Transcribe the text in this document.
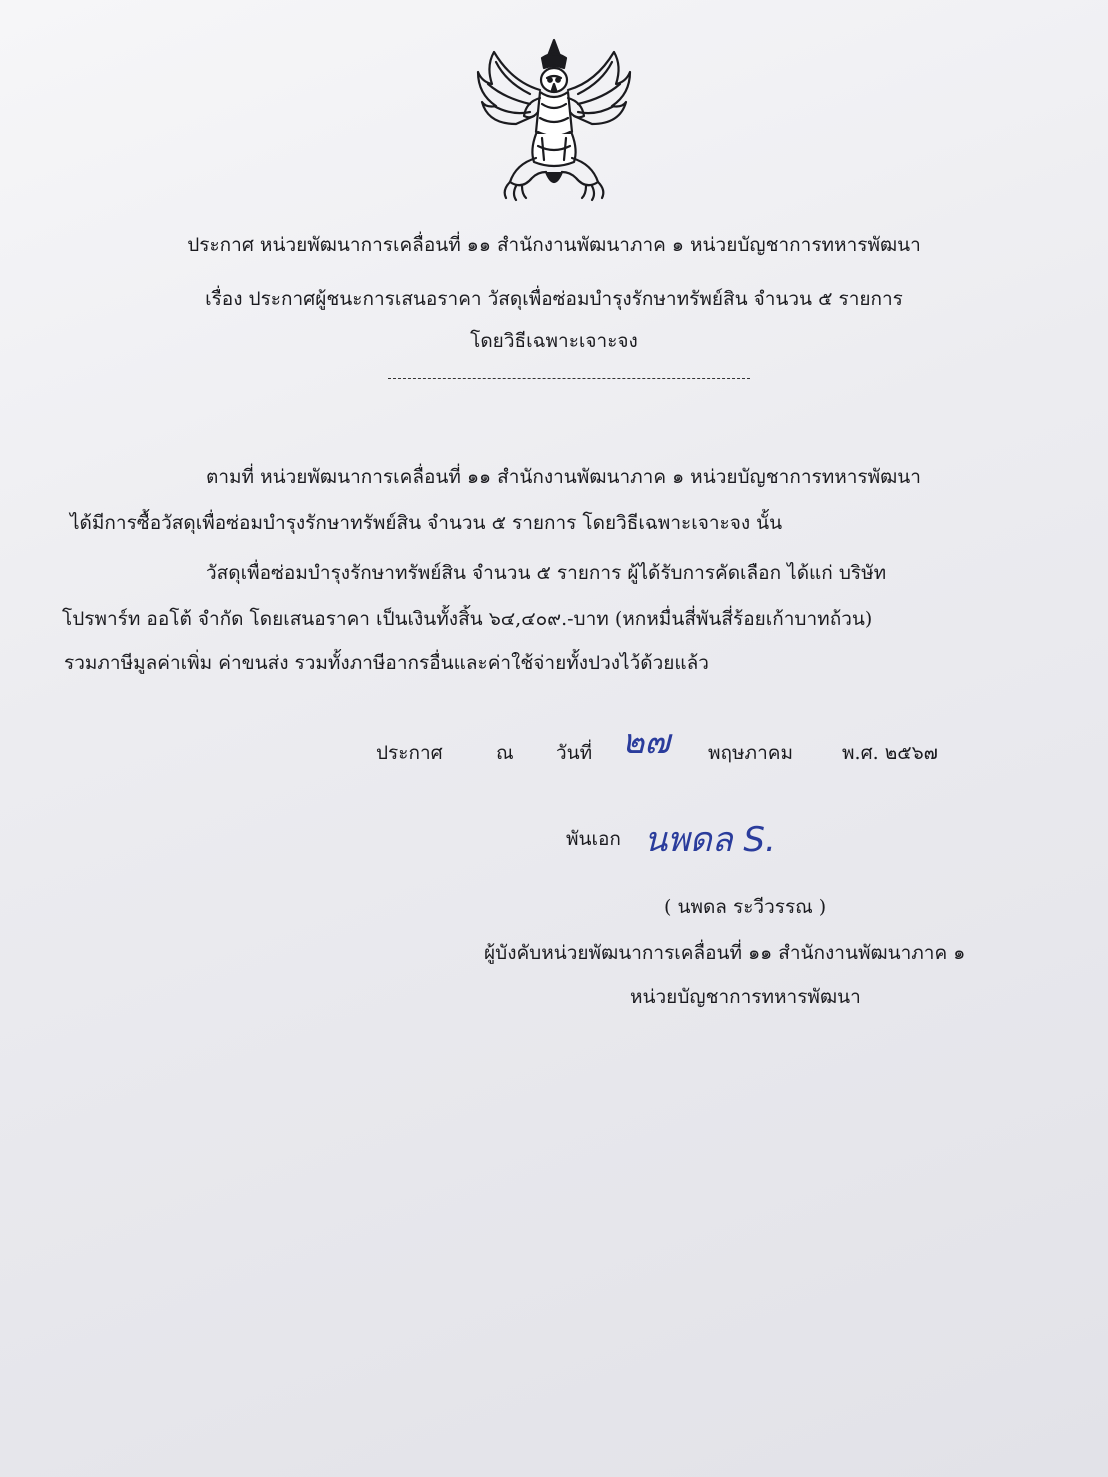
ประกาศ หน่วยพัฒนาการเคลื่อนที่ ๑๑ สำนักงานพัฒนาภาค ๑ หน่วยบัญชาการทหารพัฒนา
เรื่อง ประกาศผู้ชนะการเสนอราคา วัสดุเพื่อซ่อมบำรุงรักษาทรัพย์สิน จำนวน ๕ รายการ
โดยวิธีเฉพาะเจาะจง
ตามที่ หน่วยพัฒนาการเคลื่อนที่ ๑๑ สำนักงานพัฒนาภาค ๑ หน่วยบัญชาการทหารพัฒนา
ได้มีการซื้อวัสดุเพื่อซ่อมบำรุงรักษาทรัพย์สิน จำนวน ๕ รายการ โดยวิธีเฉพาะเจาะจง นั้น
วัสดุเพื่อซ่อมบำรุงรักษาทรัพย์สิน จำนวน ๕ รายการ ผู้ได้รับการคัดเลือก ได้แก่ บริษัท
โปรพาร์ท ออโต้ จำกัด โดยเสนอราคา เป็นเงินทั้งสิ้น ๖๔,๔๐๙.-บาท (หกหมื่นสี่พันสี่ร้อยเก้าบาทถ้วน)
รวมภาษีมูลค่าเพิ่ม ค่าขนส่ง รวมทั้งภาษีอากรอื่นและค่าใช้จ่ายทั้งปวงไว้ด้วยแล้ว
ประกาศ	ณ วันที่ ๒๗ พฤษภาคม	พ.ศ. ๒๕๖๗
พันเอก นพดล S.
( นพดล ระวีวรรณ )
ผู้บังคับหน่วยพัฒนาการเคลื่อนที่ ๑๑ สำนักงานพัฒนาภาค ๑
หน่วยบัญชาการทหารพัฒนา
